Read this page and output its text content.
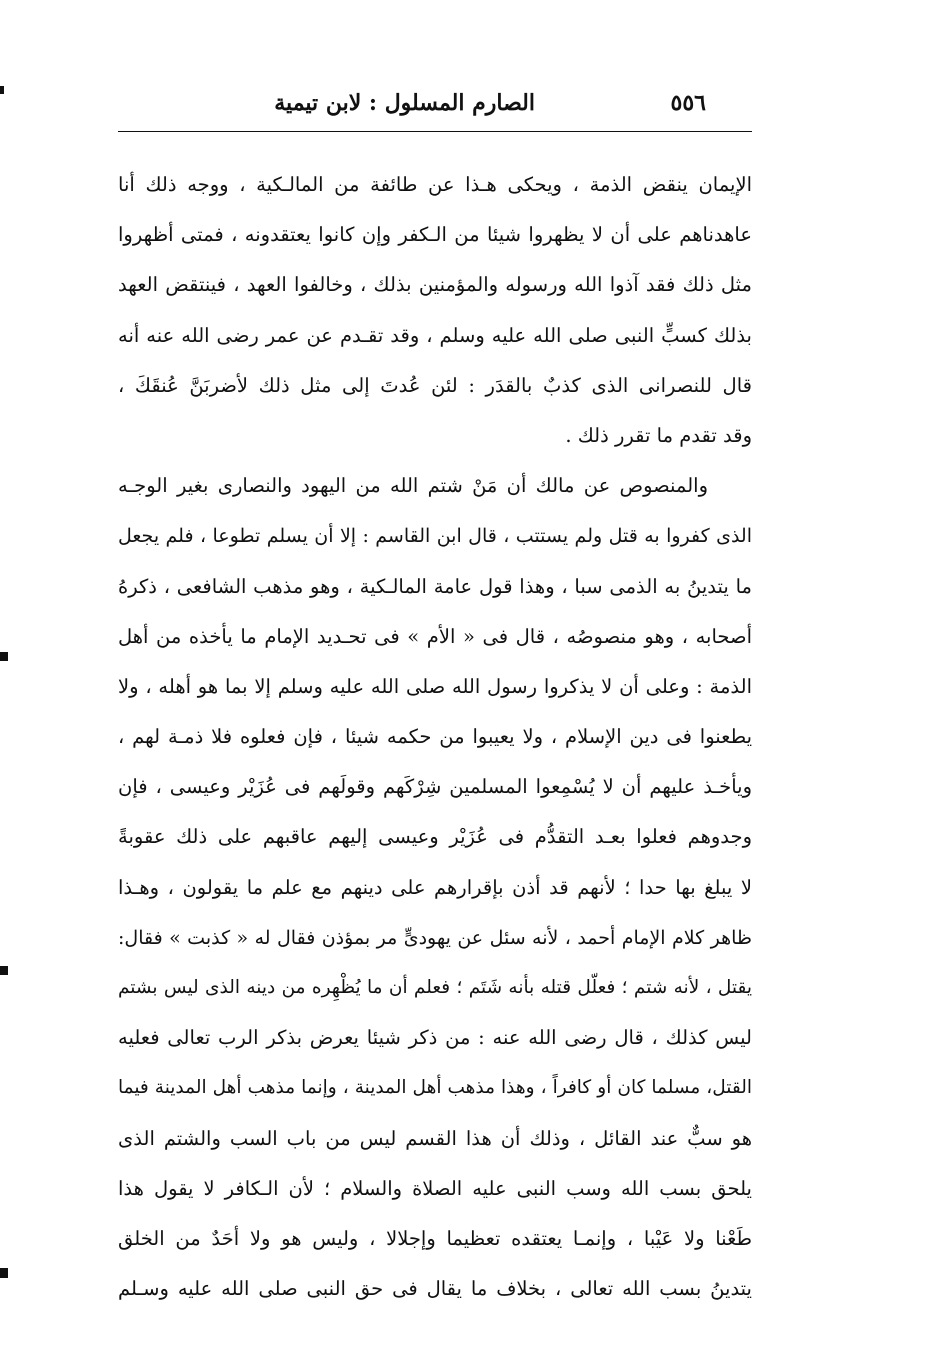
٥٥٦
الصارم المسلول : لابن تيمية
الإيمان ينقض الذمة ، ويحكى هـذا عن طائفة من المالـكية ، ووجه ذلك أنا
عاهدناهم على أن لا يظهروا شيئا من الـكفر وإن كانوا يعتقدونه ، فمتى أظهروا
مثل ذلك فقد آذوا الله ورسوله والمؤمنين بذلك ، وخالفوا العهد ، فينتقض العهد
بذلك كسبٍّ النبى صلى الله عليه وسلم ، وقد تقـدم عن عمر رضى الله عنه أنه
قال للنصرانى الذى كذبٌ بالقدَر : لئن عُدتَ إلى مثل ذلك لأضربَنَّ عُنقَكَ ،
وقد تقدم ما تقرر ذلك .
والمنصوص عن مالك أن مَنْ شتم الله من اليهود والنصارى بغير الوجـه
الذى كفروا به قتل ولم يستتب ، قال ابن القاسم : إلا أن يسلم تطوعا ، فلم يجعل
ما يتدينُ به الذمى سبا ، وهذا قول عامة المالـكية ، وهو مذهب الشافعى ، ذكرهُ
أصحابه ، وهو منصوصُه ، قال فى « الأم » فى تحـديد الإمام ما يأخذه من أهل
الذمة : وعلى أن لا يذكروا رسول الله صلى الله عليه وسلم إلا بما هو أهله ، ولا
يطعنوا فى دين الإسلام ، ولا يعيبوا من حكمه شيئا ، فإن فعلوه فلا ذمـة لهم ،
ويأخـذ عليهم أن لا يُسْمِعوا المسلمين شِرْكَهم وقولَهم فى عُزَيْر وعيسى ، فإن
وجدوهم فعلوا بعـد التقدُّم فى عُزَيْر وعيسى إليهم عاقبهم على ذلك عقوبةً
لا يبلغ بها حدا ؛ لأنهم قد أذن بإقرارهم على دينهم مع علم ما يقولون ، وهـذا
ظاهر كلام الإمام أحمد ، لأنه سئل عن يهودىٍّ مر بمؤذن فقال له « كذبت » فقال:
يقتل ، لأنه شتم ؛ فعلّل قتله بأنه شَتَم ؛ فعلم أن ما يُظْهِره من دينه الذى ليس بشتم
ليس كذلك ، قال رضى الله عنه : من ذكر شيئا يعرض بذكر الرب تعالى فعليه
القتل، مسلما كان أو كافراً ، وهذا مذهب أهل المدينة ، وإنما مذهب أهل المدينة فيما
هو سبٌّ عند القائل ، وذلك أن هذا القسم ليس من باب السب والشتم الذى
يلحق بسب الله وسب النبى عليه الصلاة والسلام ؛ لأن الـكافر لا يقول هذا
طَعْنا ولا عَيْبا ، وإنمـا يعتقده تعظيما وإجلالا ، وليس هو ولا أحَدٌ من الخلق
يتدينُ بسب الله تعالى ، بخلاف ما يقال فى حق النبى صلى الله عليه وسـلم
